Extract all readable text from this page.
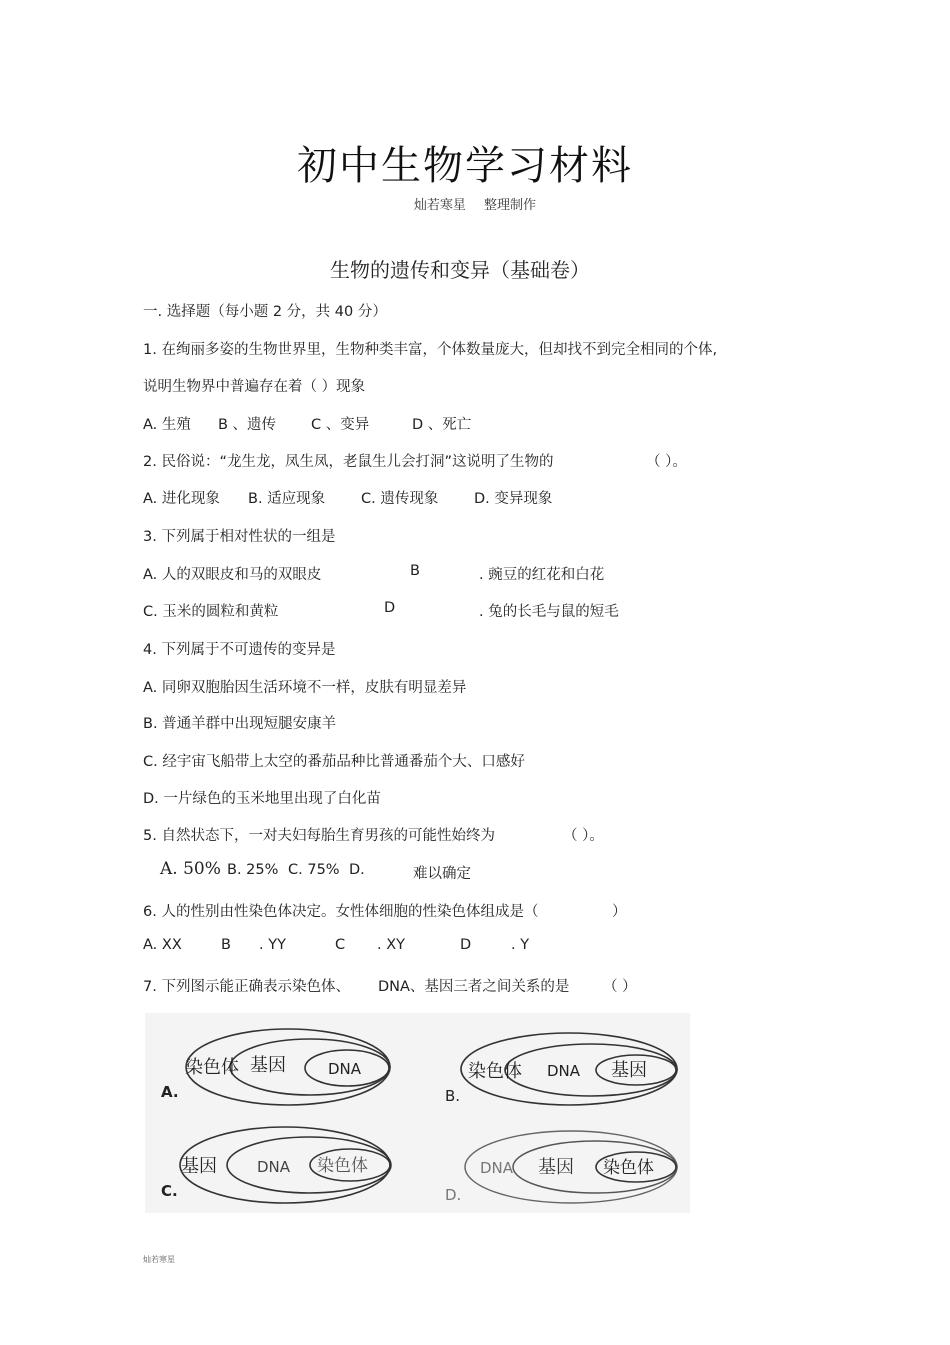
初中生物学习材料
灿若寒星 整理制作
生物的遗传和变异（基础卷）
一. 选择题（每小题 2 分，共 40 分）
1. 在绚丽多姿的生物世界里，生物种类丰富，个体数量庞大，但却找不到完全相同的个体,
说明生物界中普遍存在着（ ）现象
A. 生殖 B 、遗传 C 、变异	D 、死亡
2. 民俗说：“龙生龙，凤生凤，老鼠生儿会打洞”这说明了生物的	（ ）。
A. 进化现象 B. 适应现象 C. 遗传现象 D. 变异现象
3. 下列属于相对性状的一组是
A. 人的双眼皮和马的双眼皮	B	. 豌豆的红花和白花
C. 玉米的圆粒和黄粒	D	. 兔的长毛与鼠的短毛
4. 下列属于不可遗传的变异是
A. 同卵双胞胎因生活环境不一样，皮肤有明显差异
B. 普通羊群中出现短腿安康羊
C. 经宇宙飞船带上太空的番茄品种比普通番茄个大、口感好
D. 一片绿色的玉米地里出现了白化苗
5. 自然状态下，一对夫妇每胎生育男孩的可能性始终为	（ ）。
A. 50% B. 25% C. 75% D.	难以确定
6. 人的性别由性染色体决定。女性体细胞的性染色体组成是（	）
A. XX	B . YY	C . XY	D	. Y
7. 下列图示能正确表示染色体、 DNA、基因三者之间关系的是 （ ）
染色体 基因	DNA
A.
染色体 DNA 基因
B.
基因	DNA 染色体
C.
DNA 基因 染色体
D.
灿若寒星
